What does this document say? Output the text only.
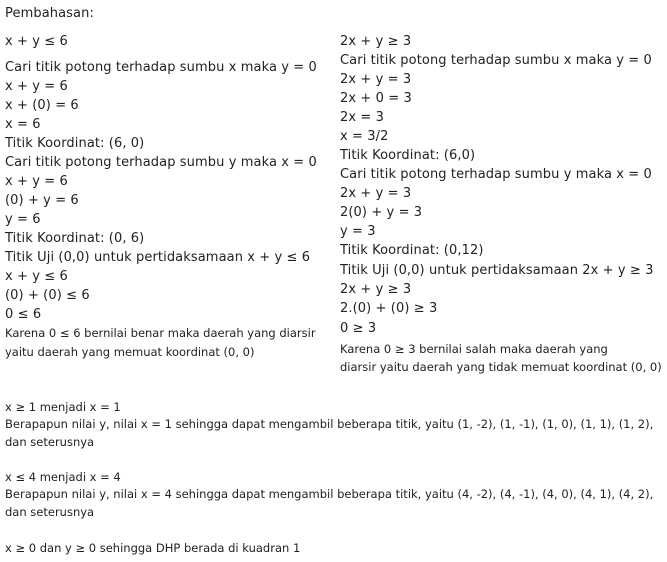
Pembahasan:
x + y ≤ 6
Cari titik potong terhadap sumbu x maka y = 0
x + y = 6
x + (0) = 6
x = 6
Titik Koordinat: (6, 0)
Cari titik potong terhadap sumbu y maka x = 0
x + y = 6
(0) + y = 6
y = 6
Titik Koordinat: (0, 6)
Titik Uji (0,0) untuk pertidaksamaan x + y ≤ 6
x + y ≤ 6
(0) + (0) ≤ 6
0 ≤ 6
Karena 0 ≤ 6 bernilai benar maka daerah yang diarsir
yaitu daerah yang memuat koordinat (0, 0)
2x + y ≥ 3
Cari titik potong terhadap sumbu x maka y = 0
2x + y = 3
2x + 0 = 3
2x = 3
x = 3/2
Titik Koordinat: (6,0)
Cari titik potong terhadap sumbu y maka x = 0
2x + y = 3
2(0) + y = 3
y = 3
Titik Koordinat: (0,12)
Titik Uji (0,0) untuk pertidaksamaan 2x + y ≥ 3
2x + y ≥ 3
2.(0) + (0) ≥ 3
0 ≥ 3
Karena 0 ≥ 3 bernilai salah maka daerah yang
diarsir yaitu daerah yang tidak memuat koordinat (0, 0)
x ≥ 1 menjadi x = 1
Berapapun nilai y, nilai x = 1 sehingga dapat mengambil beberapa titik, yaitu (1, -2), (1, -1), (1, 0), (1, 1), (1, 2),
dan seterusnya
x ≤ 4 menjadi x = 4
Berapapun nilai y, nilai x = 4 sehingga dapat mengambil beberapa titik, yaitu (4, -2), (4, -1), (4, 0), (4, 1), (4, 2),
dan seterusnya
x ≥ 0 dan y ≥ 0 sehingga DHP berada di kuadran 1
